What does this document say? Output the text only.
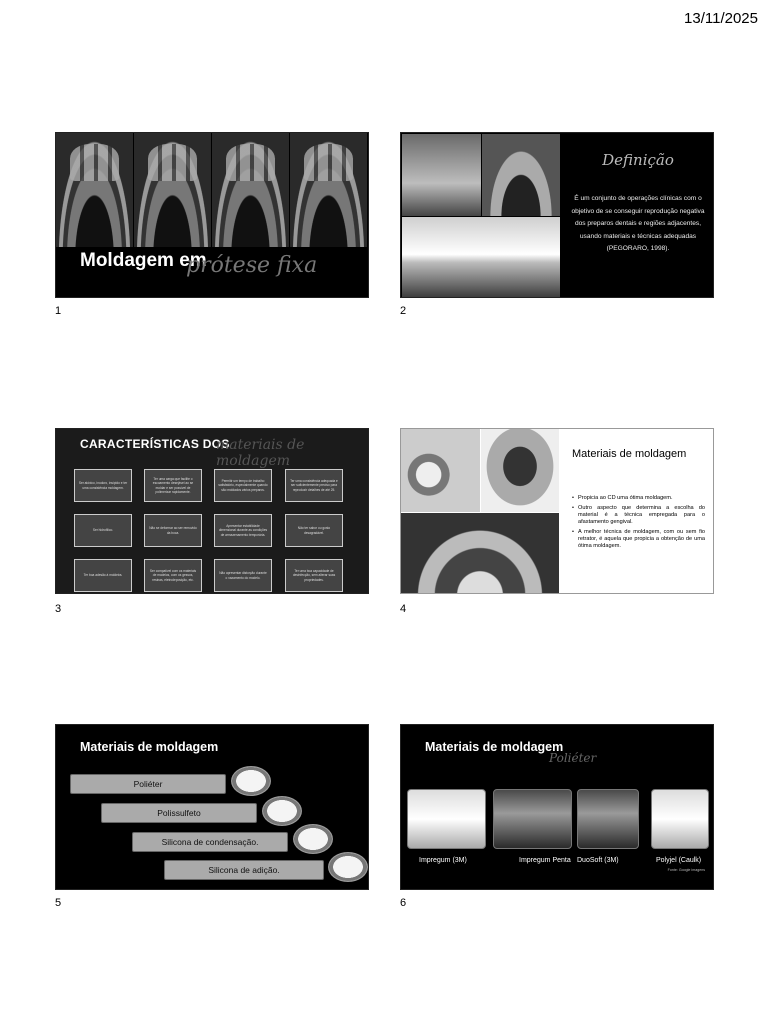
13/11/2025
Moldagem em
prótese fixa
1
Definição
É um conjunto de operações clínicas com o objetivo de se conseguir reprodução negativa dos preparos dentais e regiões adjacentes, usando materiais e técnicas adequadas (PEGORARO, 1998).
2
CARACTERÍSTICAS DOS
materiais de moldagem
Ser atóxico, inodoro, insípido e ter uma consistência moldagem.
Ter uma carga que facilite o escoamento desejável ao se moldar e ser possível de polimerizar rapidamente.
Permitir um tempo de trabalho satisfatório, especialmente quando são moldados vários preparos.
Ter uma consistência adequada e ser suficientemente preciso para reproduzir detalhes de até 25.
Ser hidrofílico.
Não se deformar ao ser removido da boca.
Apresentar estabilidade dimensional durante as condições de armazenamento temporária.
Não ter sabor ou gosto desagradável.
Ter boa adesão à moldeira.
Ser compatível com os materiais de modelos, com os gessos, resinas, eletrodeposição, etc.
Não apresentar distorção durante o vazamento do modelo.
Ter uma boa capacidade de desinfecção, sem alterar suas propriedades.
3
Materiais de moldagem
• Propicia ao CD uma ótima moldagem.
• Outro aspecto que determina a escolha do material é a técnica empregada para o afastamento gengival.
• A melhor técnica de moldagem, com ou sem fio retrator, é aquela que propicia a obtenção de uma ótima moldagem.
4
Materiais de moldagem
Poliéter
Polissulfeto
Silicona de condensação.
Silicona de adição.
5
Materiais de moldagem
Poliéter
Impregum (3M)	Impregum Penta DuoSoft (3M)	Polyjel (Caulk)
Fonte: Google imagens
6
